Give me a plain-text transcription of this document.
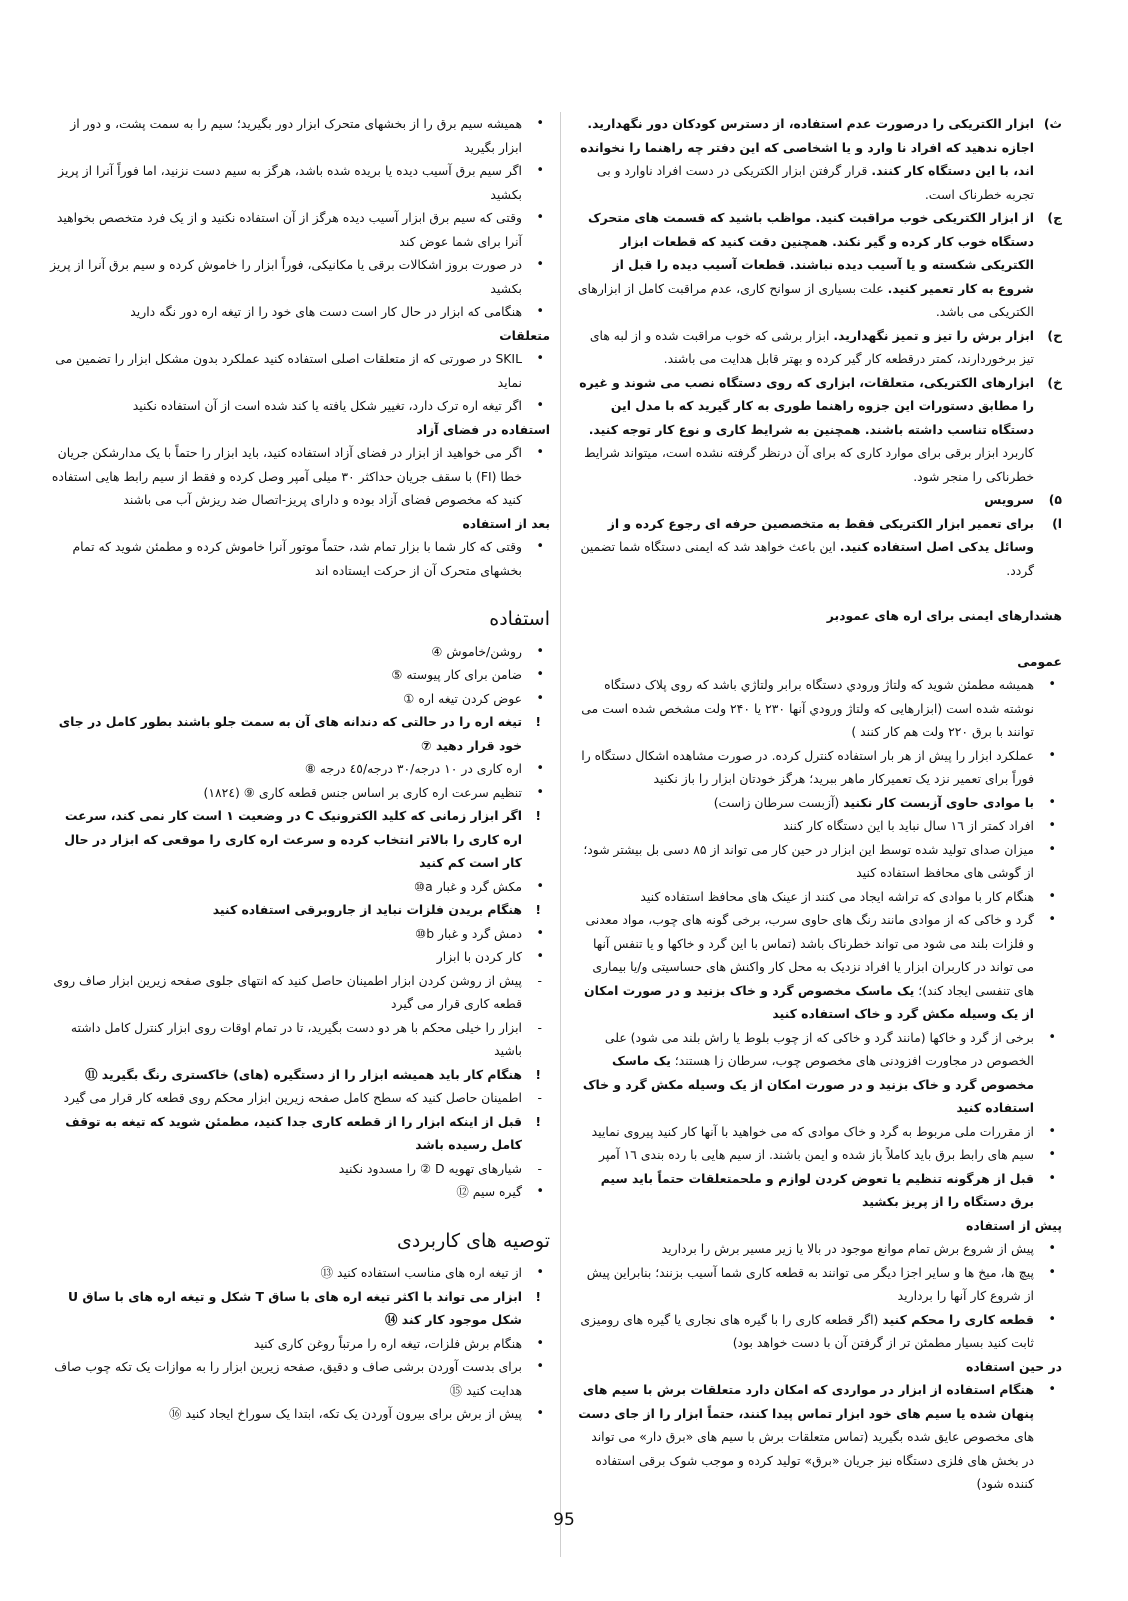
ث)
ابزار الکتریکی را درصورت عدم استفاده، از دسترس کودکان دور نگهدارید. اجازه ندهید که افراد نا وارد و یا اشخاصی که این دفتر چه راهنما را نخوانده اند، با این دستگاه کار کنند. قرار گرفتن ابزار الکتریکی در دست افراد ناوارد و بی تجربه خطرناک است.

ج)
از ابزار الکتریکی خوب مراقبت کنید. مواظب باشید که قسمت های متحرک دستگاه خوب کار کرده و گیر نکند. همچنین دقت کنید که قطعات ابزار الکتریکی شکسته و یا آسیب دیده نباشند. قطعات آسیب دیده را قبل از شروع به کار تعمیر کنید. علت بسیاری از سوانح کاری، عدم مراقبت کامل از ابزارهای الکتریکی می باشد.

ح)
ابزار برش را تیز و تمیز نگهدارید. ابزار برشی که خوب مراقبت شده و از لبه های تیز برخوردارند، کمتر درقطعه کار گیر کرده و بهتر قابل هدایت می باشند.

خ)
ابزارهای الکتریکی، متعلقات، ابزاری که روی دستگاه نصب می شوند و غیره را مطابق دستورات این جزوه راهنما طوری به کار گیرید که با مدل این دستگاه تناسب داشته باشند. همچنین به شرایط کاری و نوع کار توجه کنید. کاربرد ابزار برقی برای موارد کاری که برای آن درنظر گرفته نشده است، میتواند شرایط خطرناکی را منجر شود.

۵)
سرویس

ا)
برای تعمیر ابزار الکتریکی فقط به متخصصین حرفه ای رجوع کرده و از وسائل یدکی اصل استفاده کنید. این باعث خواهد شد که ایمنی دستگاه شما تضمین گردد.

هشدارهای ایمنی برای اره های عمودبر

عمومی

• همیشه مطمئن شوید که ولتاژ ورودي دستگاه برابر ولتاژي باشد که روی پلاک دستگاه نوشته شده است (ابزارهایی که ولتاژ ورودي آنها ۲۳۰ یا ۲۴۰ ولت مشخص شده است می توانند با برق ۲۲۰ ولت هم کار کنند )

• عملکرد ابزار را پیش از هر بار استفاده کنترل کرده. در صورت مشاهده اشکال دستگاه را فوراً برای تعمیر نزد یک تعمیرکار ماهر ببرید؛ هرگز خودتان ابزار را باز نکنید

• با موادی حاوی آزبست کار نکنید (آزبست سرطان زاست)

• افراد کمتر از ١٦ سال نباید با این دستگاه کار کنند

• میزان صدای تولید شده توسط این ابزار در حین کار می تواند از ۸۵ دسی بل بیشتر شود؛ از گوشی های محافظ استفاده کنید

• هنگام کار با موادی که تراشه ایجاد می کنند از عینک های محافظ استفاده کنید

• گرد و خاکی که از موادی مانند رنگ های حاوی سرب، برخی گونه های چوب، مواد معدنی و فلزات بلند می شود می تواند خطرناک باشد (تماس با این گرد و خاکها و یا تنفس آنها می تواند در کاربران ابزار یا افراد نزدیک به محل کار واکنش های حساسیتی و/یا بیماری های تنفسی ایجاد کند)؛ یک ماسک مخصوص گرد و خاک بزنید و در صورت امکان از یک وسیله مکش گرد و خاک استفاده کنید

• برخی از گرد و خاکها (مانند گرد و خاکی که از چوب بلوط یا راش بلند می شود) علی الخصوص در مجاورت افزودنی های مخصوص چوب، سرطان زا هستند؛ یک ماسک مخصوص گرد و خاک بزنید و در صورت امکان از یک وسیله مکش گرد و خاک استفاده کنید

• از مقررات ملی مربوط به گرد و خاک موادی که می خواهید با آنها کار کنید پیروی نمایید

• سیم های رابط برق باید کاملاً باز شده و ایمن باشند. از سیم هایی با رده بندی ١٦ آمپر

• قبل از هرگونه تنظیم یا تعوض کردن لوازم و ملحمتعلقات حتماً باید سیم برق دستگاه را از پریز بکشید

پیش از استفاده

• پیش از شروع برش تمام موانع موجود در بالا یا زیر مسیر برش را بردارید

• پیچ ها، میخ ها و سایر اجزا دیگر می توانند به قطعه کاری شما آسیب بزنند؛ بنابراین پیش از شروع کار آنها را بردارید

• قطعه کاری را محکم کنید (اگر قطعه کاری را با گیره های نجاری یا گیره های رومیزی ثابت کنید بسیار مطمئن تر از گرفتن آن با دست خواهد بود)

در حین استفاده

• هنگام استفاده از ابزار در مواردی که امکان دارد متعلقات برش با سیم های پنهان شده یا سیم های خود ابزار تماس پیدا کنند، حتماً ابزار را از جای دست های مخصوص عایق شده بگیرید (تماس متعلقات برش با سیم های «برق دار» می تواند در بخش های فلزی دستگاه نیز جریان «برق» تولید کرده و موجب شوک برقی استفاده کننده شود)

• همیشه سیم برق را از بخشهای متحرک ابزار دور بگیرید؛ سیم را به سمت پشت، و دور از ابزار بگیرید

• اگر سیم برق آسیب دیده یا بریده شده باشد، هرگز به سیم دست نزنید، اما فوراً آنرا از پریز بکشید

• وقتی که سیم برق ابزار آسیب دیده هرگز از آن استفاده نکنید و از یک فرد متخصص بخواهید آنرا برای شما عوض کند

• در صورت بروز اشکالات برقی یا مکانیکی، فوراً ابزار را خاموش کرده و سیم برق آنرا از پریز بکشید

• هنگامی که ابزار در حال کار است دست های خود را از تیغه اره دور نگه دارید

متعلقات

• SKIL در صورتی که از متعلقات اصلی استفاده کنید عملکرد بدون مشکل ابزار را تضمین می نماید

• اگر تیغه اره ترک دارد، تغییر شکل یافته یا کند شده است از آن استفاده نکنید

استفاده در فضای آزاد

• اگر می خواهید از ابزار در فضای آزاد استفاده کنید، باید ابزار را حتماً با یک مدارشکن جریان خطا (FI) با سقف جریان حداکثر ۳۰ میلی آمپر وصل کرده و فقط از سیم رابط هایی استفاده کنید که مخصوص فضای آزاد بوده و دارای پریز-اتصال ضد ریزش آب می باشند

بعد از استفاده

• وقتی که کار شما با بزار تمام شد، حتماً موتور آنرا خاموش کرده و مطمئن شوید که تمام بخشهای متحرک آن از حرکت ایستاده اند

استفاده

• روشن/خاموش ④

• ضامن برای کار پیوسته ⑤

• عوض کردن تیغه اره ①

! تیغه اره را در حالتی که دندانه های آن به سمت جلو باشند بطور کامل در جای خود قرار دهید ⑦

• اره کاری در ١٠ درجه/٣٠ درجه/٤٥ درجه ⑧

• تنظیم سرعت اره کاری بر اساس جنس قطعه کاری ⑨ (١٨٢٤)

! اگر ابزار زمانی که کلید الکترونیک C در وضعیت ١ است کار نمی کند، سرعت اره کاری را بالاتر انتخاب کرده و سرعت اره کاری را موقعی که ابزار در حال کار است کم کنید

• مکش گرد و غبار a⑩

! هنگام بریدن فلزات نباید از جاروبرقی استفاده کنید

• دمش گرد و غبار b⑩

• کار کردن با ابزار

- پیش از روشن کردن ابزار اطمینان حاصل کنید که انتهای جلوی صفحه زیرین ابزار صاف روی قطعه کاری قرار می گیرد

- ابزار را خیلی محکم با هر دو دست بگیرید، تا در تمام اوقات روی ابزار کنترل کامل داشته باشید

! هنگام کار باید همیشه ابزار را از دستگیره (های) خاکستری رنگ بگیرید ⑪

- اطمینان حاصل کنید که سطح کامل صفحه زیرین ابزار محکم روی قطعه کار قرار می گیرد

! قبل از اینکه ابزار را از قطعه کاری جدا کنید، مطمئن شوید که تیغه به توقف کامل رسیده باشد

- شیارهای تهویه D ② را مسدود نکنید

• گیره سیم ⑫

توصیه های کاربردی

• از تیغه اره های مناسب استفاده کنید ⑬

! ابزار می تواند با اکثر تیغه اره های با ساق T شکل و تیغه اره های با ساق U شکل موجود کار کند ⑭

• هنگام برش فلزات، تیغه اره را مرتباً روغن کاری کنید

• برای بدست آوردن برشی صاف و دقیق، صفحه زیرین ابزار را به موازات یک تکه چوب صاف هدایت کنید ⑮

• پیش از برش برای بیرون آوردن یک تکه، ابتدا یک سوراخ ایجاد کنید ⑯

95
